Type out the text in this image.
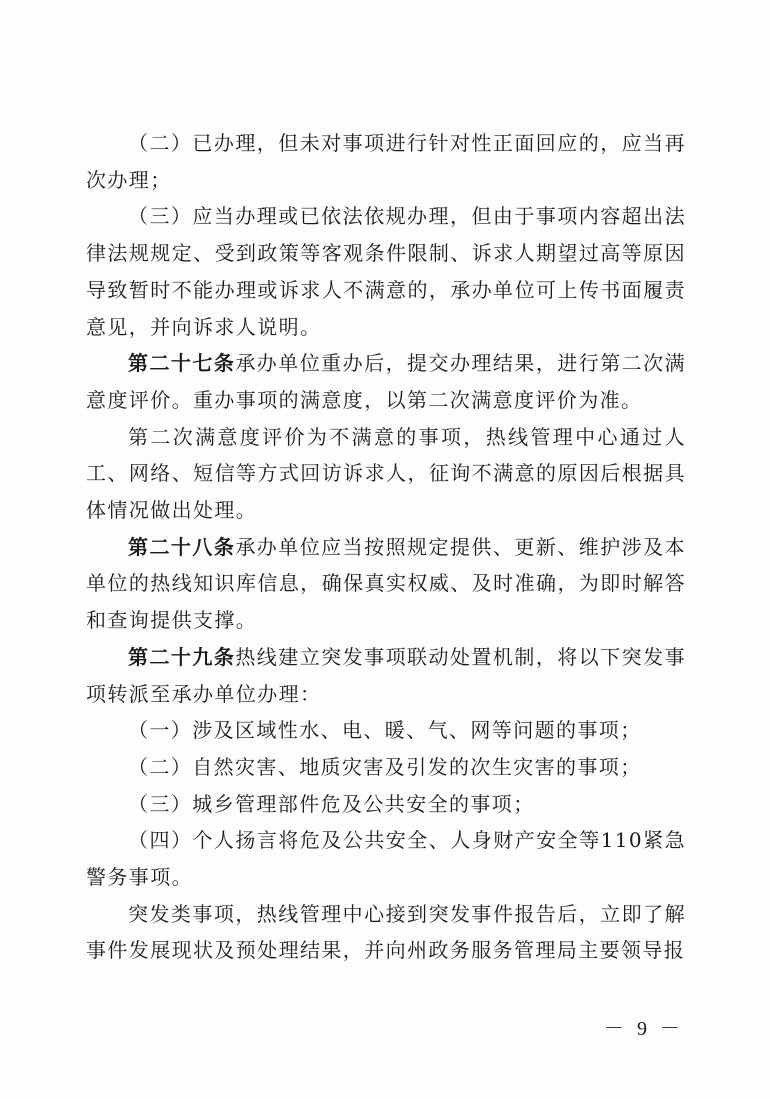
（二）已办理，但未对事项进行针对性正面回应的，应当再次办理；

（三）应当办理或已依法依规办理，但由于事项内容超出法律法规规定、受到政策等客观条件限制、诉求人期望过高等原因导致暂时不能办理或诉求人不满意的，承办单位可上传书面履责意见，并向诉求人说明。

第二十七条承办单位重办后，提交办理结果，进行第二次满意度评价。重办事项的满意度，以第二次满意度评价为准。

第二次满意度评价为不满意的事项，热线管理中心通过人工、网络、短信等方式回访诉求人，征询不满意的原因后根据具体情况做出处理。

第二十八条承办单位应当按照规定提供、更新、维护涉及本单位的热线知识库信息，确保真实权威、及时准确，为即时解答和查询提供支撑。

第二十九条热线建立突发事项联动处置机制，将以下突发事项转派至承办单位办理：

（一）涉及区域性水、电、暖、气、网等问题的事项；

（二）自然灾害、地质灾害及引发的次生灾害的事项；

（三）城乡管理部件危及公共安全的事项；

（四）个人扬言将危及公共安全、人身财产安全等110紧急警务事项。

突发类事项，热线管理中心接到突发事件报告后，立即了解事件发展现状及预处理结果，并向州政务服务管理局主要领导报

－ 9 －
